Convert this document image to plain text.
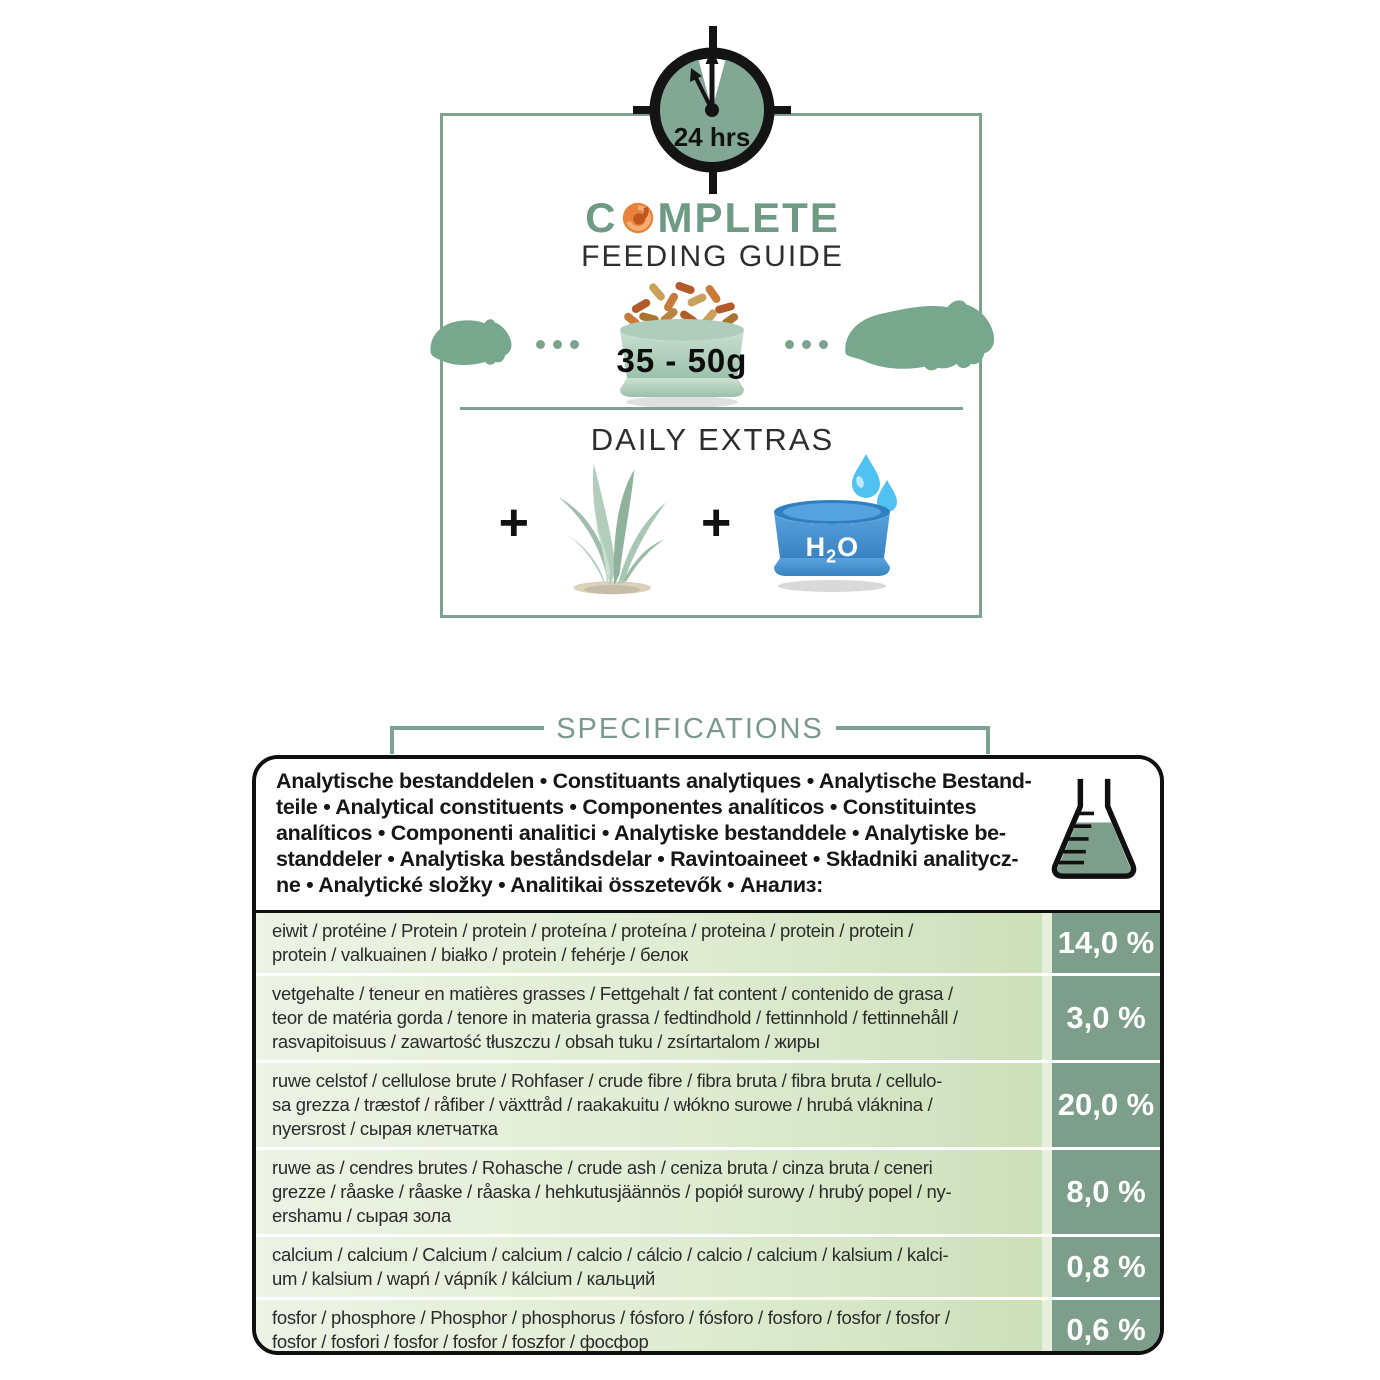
24 hrs
C MPLETE
FEEDING GUIDE
35 - 50g
DAILY EXTRAS
+	+	$H_2O$
SPECIFICATIONS
Analytische bestanddelen • Constituants analytiques • Analytische Bestand-
teile • Analytical constituents • Componentes analíticos • Constituintes
analíticos • Componenti analitici • Analytiske bestanddele • Analytiske be-
standdeler • Analytiska beståndsdelar • Ravintoaineet • Składniki analitycz-
ne • Analytické složky • Analitikai összetevők • Анализ:
eiwit / protéine / Protein / protein / proteína / proteína / proteina / protein / protein /
protein / valkuainen / białko / protein / fehérje / белок	14,0 %
vetgehalte / teneur en matières grasses / Fettgehalt / fat content / contenido de grasa /
teor de matéria gorda / tenore in materia grassa / fedtindhold / fettinnhold / fettinnehåll /
rasvapitoisuus / zawartość tłuszczu / obsah tuku / zsírtartalom / жиры
3,0 %
ruwe celstof / cellulose brute / Rohfaser / crude fibre / fibra bruta / fibra bruta / cellulo-
sa grezza / træstof / råfiber / växttråd / raakakuitu / włókno surowe / hrubá vláknina /
nyersrost / сырая клетчатка
20,0 %
ruwe as / cendres brutes / Rohasche / crude ash / ceniza bruta / cinza bruta / ceneri
grezze / råaske / råaske / råaska / hehkutusjäännös / popiół surowy / hrubý popel / ny-
ershamu / сырая зола
8,0 %
calcium / calcium / Calcium / calcium / calcio / cálcio / calcio / calcium / kalsium / kalci-
um / kalsium / wapń / vápník / kálcium / кальций	0,8 %
fosfor / phosphore / Phosphor / phosphorus / fósforo / fósforo / fosforo / fosfor / fosfor /
fosfor / fosfori / fosfor / fosfor / foszfor / фосфор	0,6 %
